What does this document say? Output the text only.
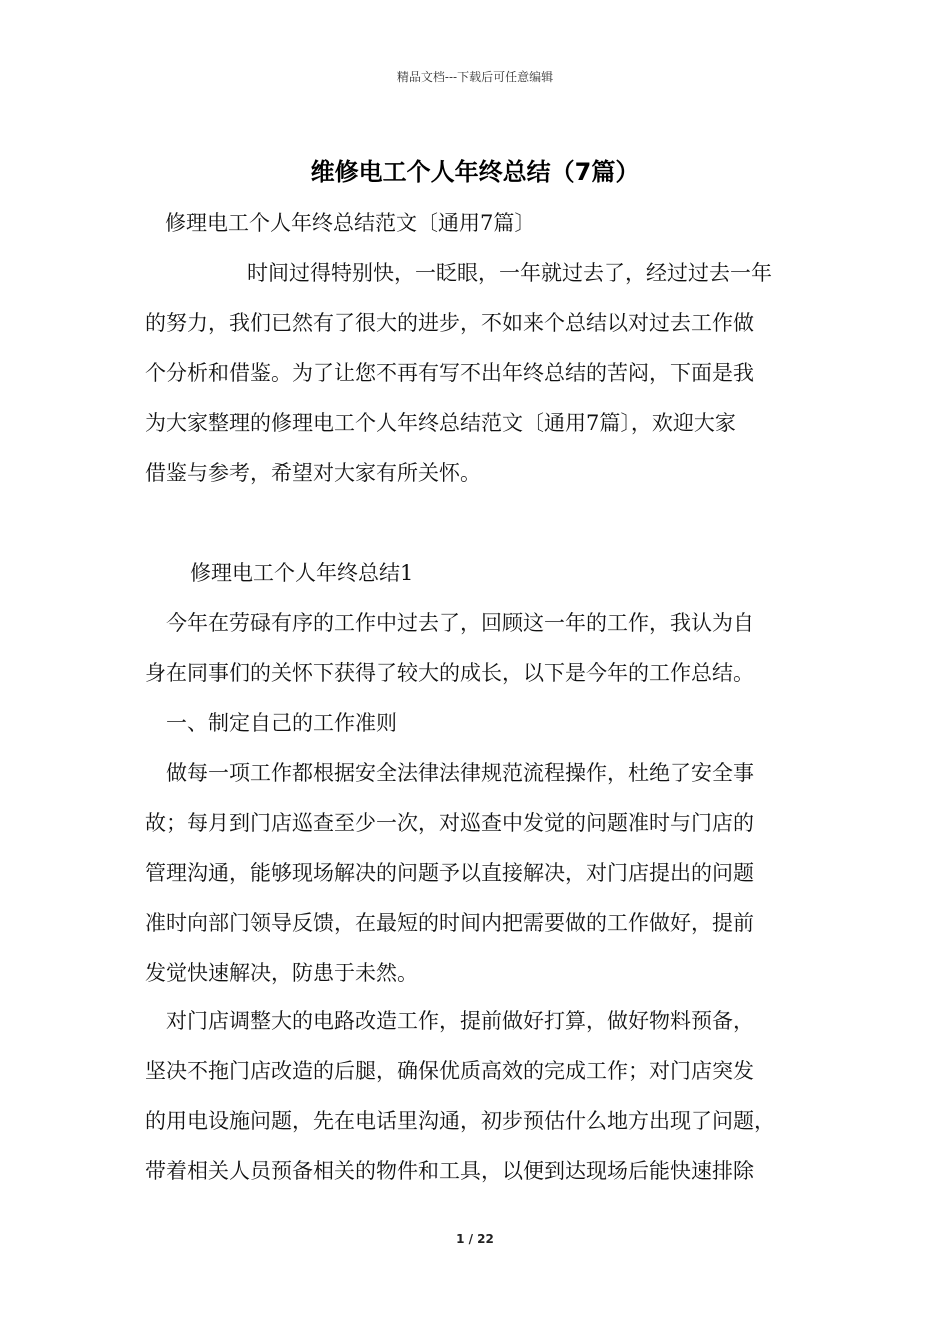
精品文档---下载后可任意编辑
维修电工个人年终总结（7篇）
修理电工个人年终总结范文〔通用7篇〕
时间过得特别快，一眨眼，一年就过去了，经过过去一年
的努力，我们已然有了很大的进步，不如来个总结以对过去工作做
个分析和借鉴。为了让您不再有写不出年终总结的苦闷，下面是我
为大家整理的修理电工个人年终总结范文〔通用7篇〕，欢迎大家
借鉴与参考，希望对大家有所关怀。
修理电工个人年终总结1
今年在劳碌有序的工作中过去了，回顾这一年的工作，我认为自
身在同事们的关怀下获得了较大的成长，以下是今年的工作总结。
一、制定自己的工作准则
做每一项工作都根据安全法律法律规范流程操作，杜绝了安全事
故；每月到门店巡查至少一次，对巡查中发觉的问题准时与门店的
管理沟通，能够现场解决的问题予以直接解决，对门店提出的问题
准时向部门领导反馈，在最短的时间内把需要做的工作做好，提前
发觉快速解决，防患于未然。
对门店调整大的电路改造工作，提前做好打算，做好物料预备，
坚决不拖门店改造的后腿，确保优质高效的完成工作；对门店突发
的用电设施问题，先在电话里沟通，初步预估什么地方出现了问题，
带着相关人员预备相关的物件和工具，以便到达现场后能快速排除
1 / 22
